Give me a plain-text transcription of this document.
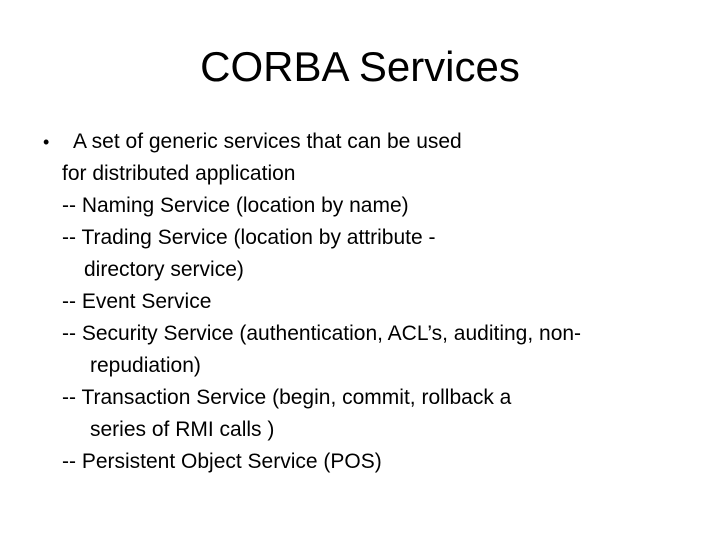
CORBA Services
• A set of generic services that can be used
for distributed application
-- Naming Service (location by name)
-- Trading Service (location by attribute -
directory service)
-- Event Service
-- Security Service (authentication, ACL’s, auditing, non-
repudiation)
-- Transaction Service (begin, commit, rollback a
series of RMI calls )
-- Persistent Object Service (POS)
